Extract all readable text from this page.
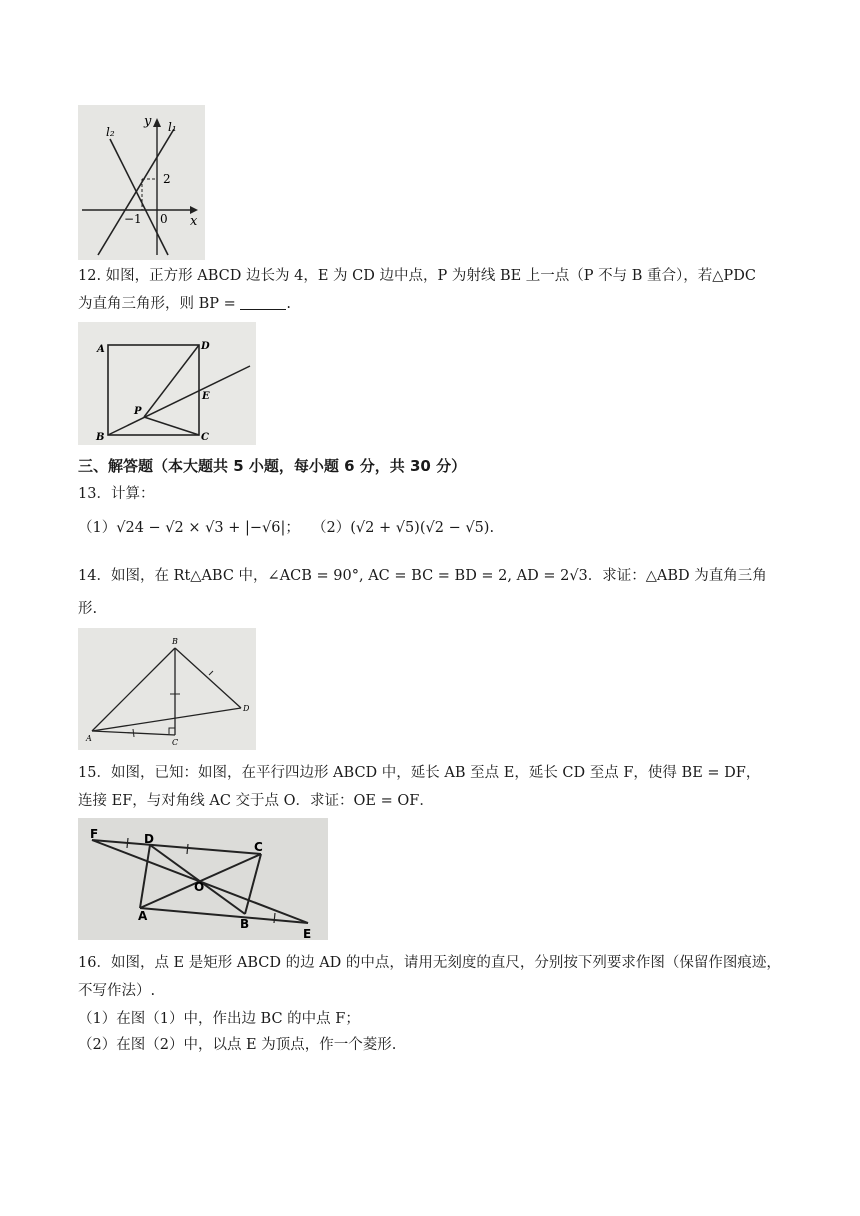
y
x
l₁
l₂
2
−1 0
12. 如图，正方形 ABCD 边长为 4，E 为 CD 边中点，P 为射线 BE 上一点（P 不与 B 重合），若△PDC
为直角三角形，则 BP =	.
A	D
E
P
B	C
三、解答题（本大题共 5 小题，每小题 6 分，共 30 分）
13．计算：
（1）√24 − √2 × √3 + |−√6|； （2）(√2 + √5)(√2 − √5).
14．如图，在 Rt△ABC 中，∠ACB = 90°, AC = BC = BD = 2, AD = 2√3．求证：△ABD 为直角三角
形.
B
D
A	C
15．如图，已知：如图，在平行四边形 ABCD 中，延长 AB 至点 E，延长 CD 至点 F，使得 BE = DF，
连接 EF，与对角线 AC 交于点 O．求证：OE = OF．
F	D
C
O
A
B
E
16．如图，点 E 是矩形 ABCD 的边 AD 的中点，请用无刻度的直尺，分别按下列要求作图（保留作图痕迹，
不写作法）.
（1）在图（1）中，作出边 BC 的中点 F；
（2）在图（2）中，以点 E 为顶点，作一个菱形.
